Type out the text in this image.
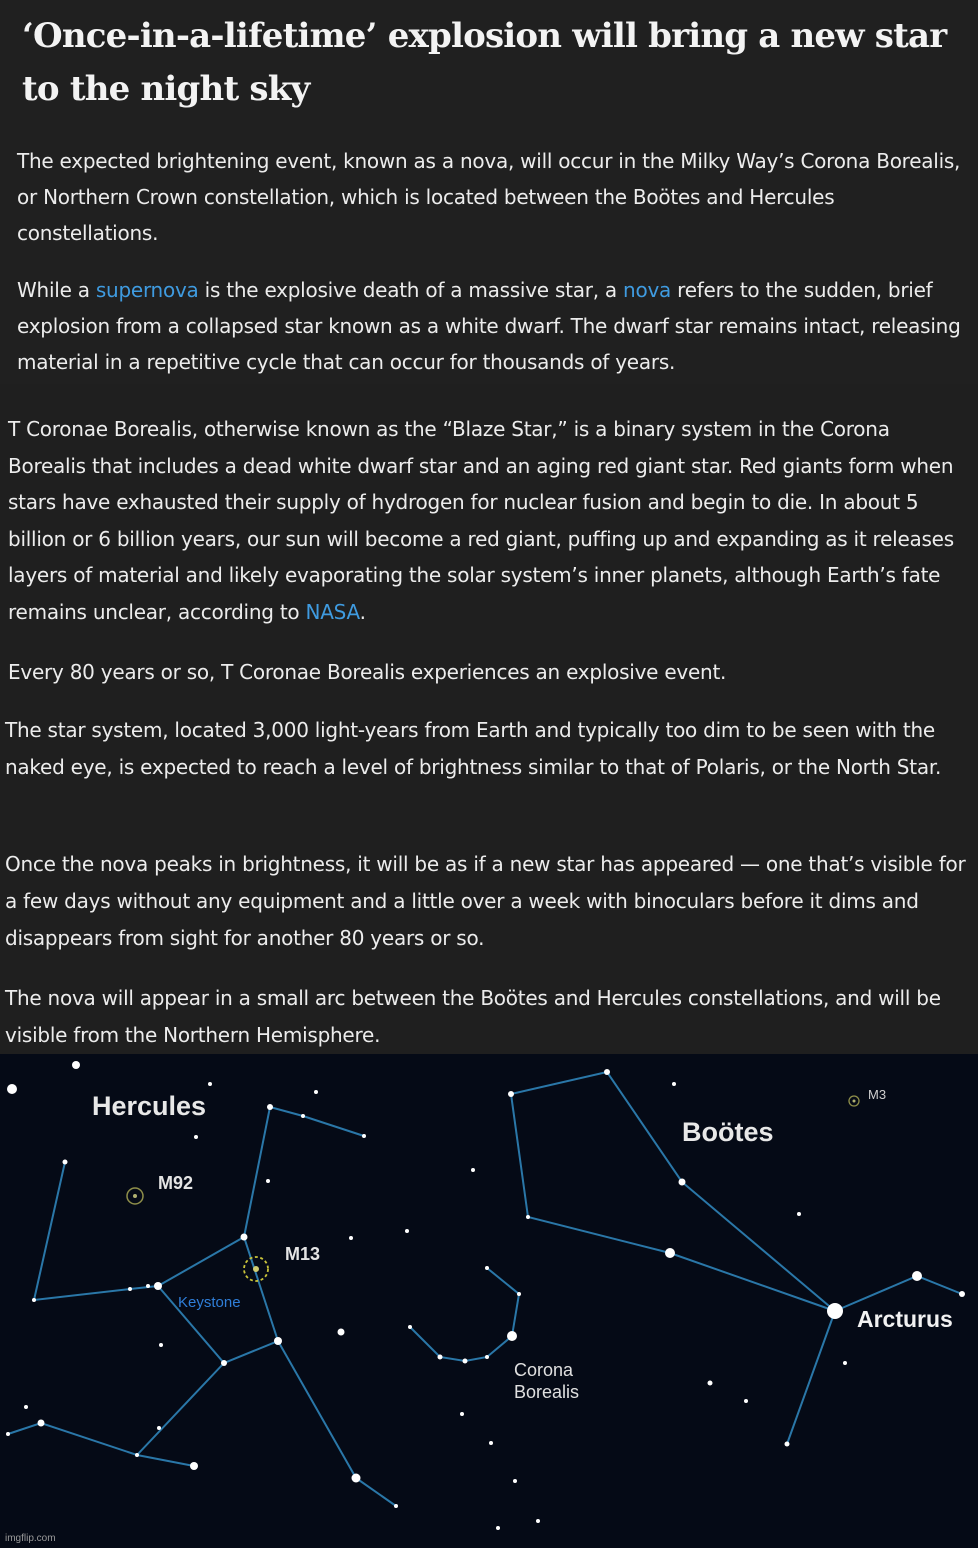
‘Once-in-a-lifetime’ explosion will bring a new star to the night sky

The expected brightening event, known as a nova, will occur in the Milky Way’s Corona Borealis, or Northern Crown constellation, which is located between the Boötes and Hercules constellations.

While a supernova is the explosive death of a massive star, a nova refers to the sudden, brief explosion from a collapsed star known as a white dwarf. The dwarf star remains intact, releasing material in a repetitive cycle that can occur for thousands of years.

T Coronae Borealis, otherwise known as the “Blaze Star,” is a binary system in the Corona Borealis that includes a dead white dwarf star and an aging red giant star. Red giants form when stars have exhausted their supply of hydrogen for nuclear fusion and begin to die. In about 5 billion or 6 billion years, our sun will become a red giant, puffing up and expanding as it releases layers of material and likely evaporating the solar system’s inner planets, although Earth’s fate remains unclear, according to NASA.

Every 80 years or so, T Coronae Borealis experiences an explosive event.

The star system, located 3,000 light-years from Earth and typically too dim to be seen with the naked eye, is expected to reach a level of brightness similar to that of Polaris, or the North Star.

Once the nova peaks in brightness, it will be as if a new star has appeared — one that’s visible for a few days without any equipment and a little over a week with binoculars before it dims and disappears from sight for another 80 years or so.

The nova will appear in a small arc between the Boötes and Hercules constellations, and will be visible from the Northern Hemisphere.

Hercules
Boötes
M92
M13
M3
Keystone
Corona
Borealis
Arcturus
imgflip.com
